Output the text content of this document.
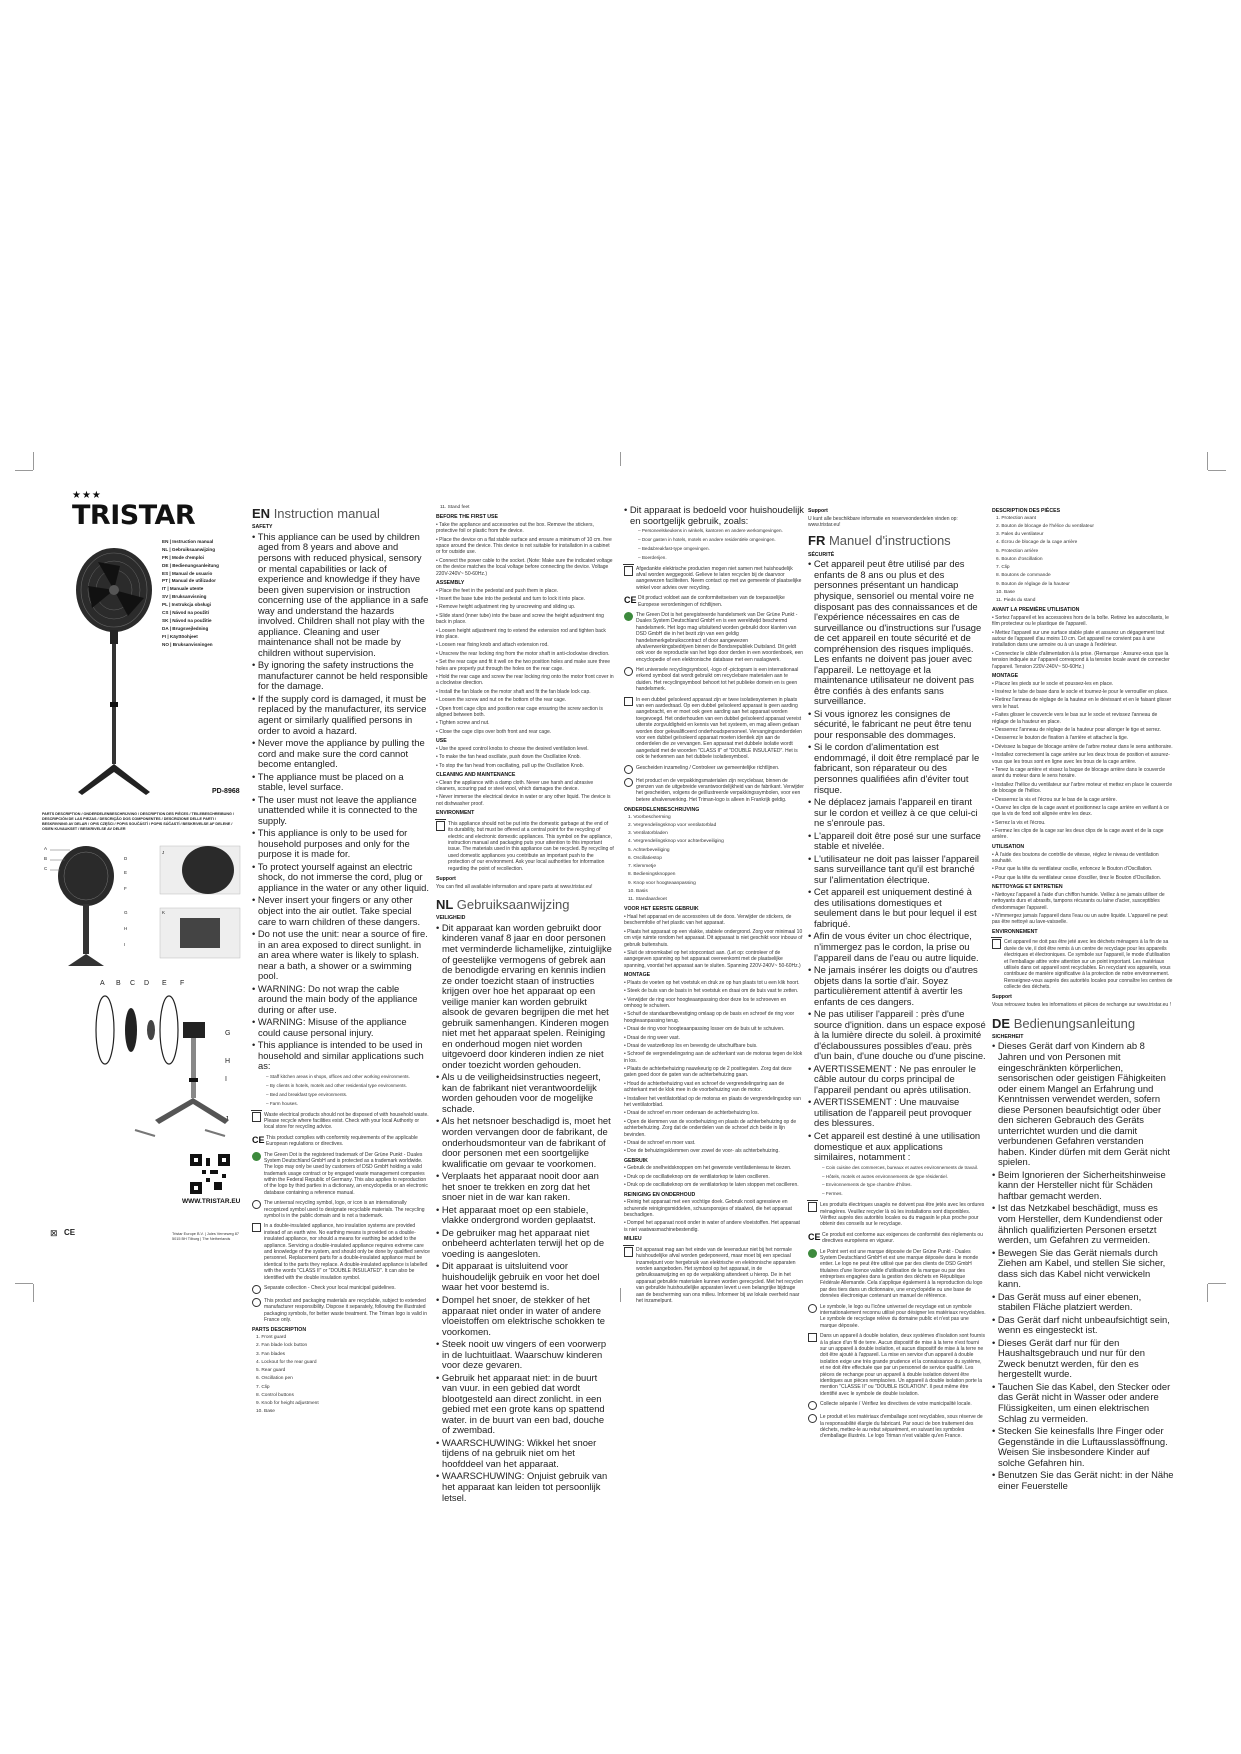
★★★
TRISTAR
EN | Instruction manual
NL | Gebruiksaanwijzing
FR | Mode d'emploi
DE | Bedienungsanleitung
ES | Manual de usuario
PT | Manual de utilizador
IT | Manuale utente
SV | Bruksanvisning
PL | Instrukcja obsługi
CS | Návod na použití
SK | Návod na použitie
DA | Brugsvejledning
FI | Käyttöohjeet
NO | Bruksanvisningen
PD-8968
PARTS DESCRIPTION / ONDERDELENBESCHRIJVING / DESCRIPTION DES PIÈCES / TEILEBESCHREIBUNG / DESCRIPCIÓN DE LAS PIEZAS / DESCRIÇÃO DOS COMPONENTES / DESCRIZIONE DELLE PARTI / BESKRIVNING AV DELAR / OPIS CZĘŚCI / POPIS SOUČÁSTÍ / POPIS SÚČASTÍ / BESKRIVELSE AF DELENE / OSIEN KUVAUKSET / BESKRIVELSE AV DELER
A
B
C
D
E
F
G
H
I
J
K
A B C D E F
G
H
I
WWW.TRISTAR.EU
⊠ CE	Tristar Europe B.V. | Jules Verneweg 87
5015 BH Tilburg | The Netherlands
EN Instruction manual
SAFETY

• This appliance can be used by children aged from 8 years and above and persons with reduced physical, sensory or mental capabilities or lack of experience and knowledge if they have been given supervision or instruction concerning use of the appliance in a safe way and understand the hazards involved. Children shall not play with the appliance. Cleaning and user maintenance shall not be made by children without supervision.

• By ignoring the safety instructions the manufacturer cannot be held responsible for the damage.

• If the supply cord is damaged, it must be replaced by the manufacturer, its service agent or similarly qualified persons in order to avoid a hazard.

• Never move the appliance by pulling the cord and make sure the cord cannot become entangled.

• The appliance must be placed on a stable, level surface.

• The user must not leave the appliance unattended while it is connected to the supply.

• This appliance is only to be used for household purposes and only for the purpose it is made for.

• To protect yourself against an electric shock, do not immerse the cord, plug or appliance in the water or any other liquid.

• Never insert your fingers or any other object into the air outlet. Take special care to warn children of these dangers.

• Do not use the unit: near a source of fire. in an area exposed to direct sunlight. in an area where water is likely to splash. near a bath, a shower or a swimming pool.

• WARNING: Do not wrap the cable around the main body of the appliance during or after use.

• WARNING: Misuse of the appliance could cause personal injury.

• This appliance is intended to be used in household and similar applications such as:

– Staff kitchen areas in shops, offices and other working environments.

– By clients in hotels, motels and other residential type environments.

– Bed and breakfast type environments.

– Farm houses.

Waste electrical products should not be disposed of with household waste. Please recycle where facilities exist. Check with your local Authority or local store for recycling advice.
CE This product complies with conformity requirements of the applicable European regulations or directives.
The Green Dot is the registered trademark of Der Grüne Punkt - Duales System Deutschland GmbH and is protected as a trademark worldwide. The logo may only be used by customers of DSD GmbH holding a valid trademark usage contract or by engaged waste management companies within the Federal Republic of Germany. This also applies to reproduction of the logo by third parties in a dictionary, an encyclopedia or an electronic database containing a reference manual.
The universal recycling symbol, logo, or icon is an internationally recognized symbol used to designate recyclable materials. The recycling symbol is in the public domain and is not a trademark.
In a double-insulated appliance, two insulation systems are provided instead of an earth wire. No earthing means is provided on a double-insulated appliance, nor should a means for earthing be added to the appliance. Servicing a double-insulated appliance requires extreme care and knowledge of the system, and should only be done by qualified service personnel. Replacement parts for a double-insulated appliance must be identical to the parts they replace. A double-insulated appliance is labelled with the words "CLASS II" or "DOUBLE INSULATED". It can also be identified with the double insulation symbol.
Separate collection - Check your local municipal guidelines.
This product and packaging materials are recyclable, subject to extended manufacturer responsibility. Dispose it separately, following the illustrated packaging symbols, for better waste treatment. The Triman logo is valid in France only.
PARTS DESCRIPTION

1. Front guard

2. Fan blade lock button

3. Fan blades

4. Lockout for the rear guard

5. Rear guard

6. Oscillation pen

7. Clip

8. Control buttons

9. Knob for height adjustment

10. Base

11. Stand feet

BEFORE THE FIRST USE

• Take the appliance and accessories out the box. Remove the stickers, protective foil or plastic from the device.

• Place the device on a flat stable surface and ensure a minimum of 10 cm. free space around the device. This device is not suitable for installation in a cabinet or for outside use.

• Connect the power cable to the socket. (Note: Make sure the indicated voltage on the device matches the local voltage before connecting the device. Voltage 220V-240V~ 50-60Hz.)

ASSEMBLY

• Place the feet in the pedestal and push them in place.

• Insert the base tube into the pedestal and turn to lock it into place.

• Remove height adjustment ring by unscrewing and sliding up.

• Slide stand (inner tube) into the base and screw the height adjustment ring back in place.

• Loosen height adjustment ring to extend the extension rod and tighten back into place.

• Loosen rear fixing knob and attach extension rod.

• Unscrew the rear locking ring from the motor shaft in anti-clockwise direction.

• Set the rear cage and fit it well on the two position holes and make sure three holes are properly put through the holes on the rear cage.

• Hold the rear cage and screw the rear locking ring onto the motor front cover in a clockwise direction.

• Install the fan blade on the motor shaft and fit the fan blade lock cap.

• Loosen the screw and nut on the bottom of the rear cage.

• Open front cage clips and position rear cage ensuring the screw section is aligned between both.

• Tighten screw and nut.

• Close the cage clips over both front and rear cage.

USE

• Use the speed control knobs to choose the desired ventilation level.

• To make the fan head oscillate, push down the Oscillation Knob.

• To stop the fan head from oscillating, pull up the Oscillation Knob.

CLEANING AND MAINTENANCE

• Clean the appliance with a damp cloth. Never use harsh and abrasive cleaners, scouring pad or steel wool, which damages the device.

• Never immerse the electrical device in water or any other liquid. The device is not dishwasher proof.

ENVIRONMENT
This appliance should not be put into the domestic garbage at the end of its durability, but must be offered at a central point for the recycling of electric and electronic domestic appliances. This symbol on the appliance, instruction manual and packaging puts your attention to this important issue. The materials used in this appliance can be recycled. By recycling of used domestic appliances you contribute an important push to the protection of our environment. Ask your local authorities for information regarding the point of recollection.
Support

You can find all available information and spare parts at www.tristar.eu!

NL Gebruiksaanwijzing
VEILIGHEID

• Dit apparaat kan worden gebruikt door kinderen vanaf 8 jaar en door personen met verminderde lichamelijke, zintuiglijke of geestelijke vermogens of gebrek aan de benodigde ervaring en kennis indien ze onder toezicht staan of instructies krijgen over hoe het apparaat op een veilige manier kan worden gebruikt alsook de gevaren begrijpen die met het gebruik samenhangen. Kinderen mogen niet met het apparaat spelen. Reiniging en onderhoud mogen niet worden uitgevoerd door kinderen indien ze niet onder toezicht worden gehouden.

• Als u de veiligheidsinstructies negeert, kan de fabrikant niet verantwoordelijk worden gehouden voor de mogelijke schade.

• Als het netsnoer beschadigd is, moet het worden vervangen door de fabrikant, de onderhoudsmonteur van de fabrikant of door personen met een soortgelijke kwalificatie om gevaar te voorkomen.

• Verplaats het apparaat nooit door aan het snoer te trekken en zorg dat het snoer niet in de war kan raken.

• Het apparaat moet op een stabiele, vlakke ondergrond worden geplaatst.

• De gebruiker mag het apparaat niet onbeheerd achterlaten terwijl het op de voeding is aangesloten.

• Dit apparaat is uitsluitend voor huishoudelijk gebruik en voor het doel waar het voor bestemd is.

• Dompel het snoer, de stekker of het apparaat niet onder in water of andere vloeistoffen om elektrische schokken te voorkomen.

• Steek nooit uw vingers of een voorwerp in de luchtuitlaat. Waarschuw kinderen voor deze gevaren.

• Gebruik het apparaat niet: in de buurt van vuur. in een gebied dat wordt blootgesteld aan direct zonlicht. in een gebied met een grote kans op spattend water. in de buurt van een bad, douche of zwembad.

• WAARSCHUWING: Wikkel het snoer tijdens of na gebruik niet om het hoofddeel van het apparaat.

• WAARSCHUWING: Onjuist gebruik van het apparaat kan leiden tot persoonlijk letsel.

• Dit apparaat is bedoeld voor huishoudelijk en soortgelijk gebruik, zoals:

– Personeelskeukens in winkels, kantoren en andere werkomgevingen.

– Door gasten in hotels, motels en andere residentiële omgevingen.

– Bed&breakfast-type omgevingen.

– Boerderijen.

Afgedankte elektrische producten mogen niet samen met huishoudelijk afval worden weggegooid. Gelieve te laten recyclen bij de daarvoor aangewezen faciliteiten. Neem contact op met uw gemeente of plaatselijke winkel voor advies over recycling.
CE Dit product voldoet aan de conformiteitseisen van de toepasselijke Europese verordeningen of richtlijnen.
The Green Dot is het geregistreerde handelsmerk van Der Grüne Punkt - Duales System Deutschland GmbH en is een wereldwijd beschermd handelsmerk. Het logo mag uitsluitend worden gebruikt door klanten van DSD GmbH die in het bezit zijn van een geldig handelsmerkgebruikscontract of door aangewezen afvalverwerkingsbedrijven binnen de Bondsrepubliek Duitsland. Dit geldt ook voor de reproductie van het logo door derden in een woordenboek, een encyclopedie of een elektronische database met een naslagwerk.
Het universele recyclingsymbool, -logo of -pictogram is een internationaal erkend symbool dat wordt gebruikt om recyclebare materialen aan te duiden. Het recyclingsymbool behoort tot het publieke domein en is geen handelsmerk.
In een dubbel geïsoleerd apparaat zijn er twee isolatiesystemen in plaats van een aardedraad. Op een dubbel geïsoleerd apparaat is geen aarding aangebracht, en er moet ook geen aarding aan het apparaat worden toegevoegd. Het onderhouden van een dubbel geïsoleerd apparaat vereist uiterste zorgvuldigheid en kennis van het systeem, en mag alleen gedaan worden door gekwalificeerd onderhoudspersoneel. Vervangingsonderdelen voor een dubbel geïsoleerd apparaat moeten identiek zijn aan de onderdelen die ze vervangen. Een apparaat met dubbele isolatie wordt aangeduid met de woorden "CLASS II" of "DOUBLE INSULATED". Het is ook te herkennen aan het dubbele isolatiesymbool.
Gescheiden inzameling / Controleer uw gemeentelijke richtlijnen.
Het product en de verpakkingsmaterialen zijn recyclebaar, binnen de grenzen van de uitgebreide verantwoordelijkheid van de fabrikant. Verwijder het gescheiden, volgens de geïllustreerde verpakkingssymbolen, voor een betere afvalverwerking. Het Triman-logo is alleen in Frankrijk geldig.
ONDERDELENBESCHRIJVING

1. Voorbescherming

2. Vergrendelingsknop voor ventilatorblad

3. Ventilatorbladen

4. Vergrendelingsknop voor achterbeveiliging

5. Achterbeveiliging

6. Oscillatiestop

7. Klemmetje

8. Bedieningsknoppen

9. Knop voor hoogteaanpassing

10. Basis

11. Standaardvoet

VOOR HET EERSTE GEBRUIK

• Haal het apparaat en de accessoires uit de doos. Verwijder de stickers, de beschermfolie of het plastic van het apparaat.

• Plaats het apparaat op een vlakke, stabiele ondergrond. Zorg voor minimaal 10 cm vrije ruimte rondom het apparaat. Dit apparaat is niet geschikt voor inbouw of gebruik buitenshuis.

• Sluit de stroomkabel op het stopcontact aan. (Let op: controleer of de aangegeven spanning op het apparaat overeenkomt met de plaatselijke spanning, voordat het apparaat aan te sluiten. Spanning 220V-240V~ 50-60Hz.)

MONTAGE

• Plaats de voeten op het voetstuk en druk ze op hun plaats tot u een klik hoort.

• Steek de buis van de basis in het voetstuk en draai om de buis vast te zetten.

• Verwijder de ring voor hoogteaanpassing door deze los te schroeven en omhoog te schuiven.

• Schuif de standaardbevestiging omlaag op de basis en schroef de ring voor hoogteaanpassing terug.

• Draai de ring voor hoogteaanpassing losser om de buis uit te schuiven.

• Draai de ring weer vast.

• Draai de vastzetknop los en bevestig de uitschuifbare buis.

• Schroef de vergrendelingsring aan de achterkant van de motoras tegen de klok in los.

• Plaats de achterbehuizing nauwkeurig op de 2 positiegaten. Zorg dat deze gaten goed door de gaten van de achterbehuizing gaan.

• Houd de achterbehuizing vast en schroef de vergrendelingsring aan de achterkant met de klok mee in de voorbehuizing van de motor.

• Installeer het ventilatorblad op de motoras en plaats de vergrendelingsdop van het ventilatorblad.

• Draai de schroef en moer onderaan de achterbehuizing los.

• Open de klemmen van de voorbehuizing en plaats de achterbehuizing op de achterbehuizing. Zorg dat de onderdelen van de schroef zich beide in lijn bevinden.

• Draai de schroef en moer vast.

• Doe de behuizingsklemmen over zowel de voor- als achterbehuizing.

GEBRUIK

• Gebruik de snelheidsknoppen om het gewenste ventilatieniveau te kiezen.

• Druk op de oscillatieknop om de ventilatorkop te laten oscilleren.

• Druk op de oscillatieknop om de ventilatorkop te laten stoppen met oscilleren.

REINIGING EN ONDERHOUD

• Reinig het apparaat met een vochtige doek. Gebruik nooit agressieve en schurende reinigingsmiddelen, schuursponsjes of staalwol, die het apparaat beschadigen.

• Dompel het apparaat nooit onder in water of andere vloeistoffen. Het apparaat is niet vaatwasmachinebestendig.

MILIEU
Dit apparaat mag aan het einde van de levensduur niet bij het normale huishoudelijke afval worden gedeponeerd, maar moet bij een speciaal inzamelpunt voor hergebruik van elektrische en elektronische apparaten worden aangeboden. Het symbool op het apparaat, in de gebruiksaanwijzing en op de verpakking attendeert u hierop. De in het apparaat gebruikte materialen kunnen worden gerecycled. Met het recyclen van gebruikte huishoudelijke apparaten levert u een belangrijke bijdrage aan de bescherming van ons milieu. Informeer bij uw lokale overheid naar het inzamelpunt.
Support

U kunt alle beschikbare informatie en reserveonderdelen vinden op: www.tristar.eu!

FR Manuel d'instructions
SÉCURITÉ

• Cet appareil peut être utilisé par des enfants de 8 ans ou plus et des personnes présentant un handicap physique, sensoriel ou mental voire ne disposant pas des connaissances et de l'expérience nécessaires en cas de surveillance ou d'instructions sur l'usage de cet appareil en toute sécurité et de compréhension des risques impliqués. Les enfants ne doivent pas jouer avec l'appareil. Le nettoyage et la maintenance utilisateur ne doivent pas être confiés à des enfants sans surveillance.

• Si vous ignorez les consignes de sécurité, le fabricant ne peut être tenu pour responsable des dommages.

• Si le cordon d'alimentation est endommagé, il doit être remplacé par le fabricant, son réparateur ou des personnes qualifiées afin d'éviter tout risque.

• Ne déplacez jamais l'appareil en tirant sur le cordon et veillez à ce que celui-ci ne s'enroule pas.

• L'appareil doit être posé sur une surface stable et nivelée.

• L'utilisateur ne doit pas laisser l'appareil sans surveillance tant qu'il est branché sur l'alimentation électrique.

• Cet appareil est uniquement destiné à des utilisations domestiques et seulement dans le but pour lequel il est fabriqué.

• Afin de vous éviter un choc électrique, n'immergez pas le cordon, la prise ou l'appareil dans de l'eau ou autre liquide.

• Ne jamais insérer les doigts ou d'autres objets dans la sortie d'air. Soyez particulièrement attentif à avertir les enfants de ces dangers.

• Ne pas utiliser l'appareil : près d'une source d'ignition. dans un espace exposé à la lumière directe du soleil. à proximité d'éclaboussures possibles d'eau. près d'un bain, d'une douche ou d'une piscine.

• AVERTISSEMENT : Ne pas enrouler le câble autour du corps principal de l'appareil pendant ou après utilisation.

• AVERTISSEMENT : Une mauvaise utilisation de l'appareil peut provoquer des blessures.

• Cet appareil est destiné à une utilisation domestique et aux applications similaires, notamment :

– Coin cuisine des commerces, bureaux et autres environnements de travail.

– Hôtels, motels et autres environnements de type résidentiel.

– Environnements de type chambre d'hôtes.

– Fermes.

Les produits électriques usagés ne doivent pas être jetés avec les ordures ménagères. Veuillez recycler là où les installations sont disponibles. Vérifiez auprès des autorités locales ou du magasin le plus proche pour obtenir des conseils sur le recyclage.
CE Ce produit est conforme aux exigences de conformité des règlements ou directives européens en vigueur.
Le Point vert est une marque déposée de Der Grüne Punkt - Duales System Deutschland GmbH et est une marque déposée dans le monde entier. Le logo ne peut être utilisé que par des clients de DSD GmbH titulaires d'une licence valide d'utilisation de la marque ou par des entreprises engagées dans la gestion des déchets en République Fédérale Allemande. Cela s'applique également à la reproduction du logo par des tiers dans un dictionnaire, une encyclopédie ou une base de données électronique contenant un manuel de référence.
Le symbole, le logo ou l'icône universel de recyclage est un symbole internationalement reconnu utilisé pour désigner les matériaux recyclables. Le symbole de recyclage relève du domaine public et n'est pas une marque déposée.
Dans un appareil à double isolation, deux systèmes d'isolation sont fournis à la place d'un fil de terre. Aucun dispositif de mise à la terre n'est fourni sur un appareil à double isolation, et aucun dispositif de mise à la terre ne doit être ajouté à l'appareil. La mise en service d'un appareil à double isolation exige une très grande prudence et la connaissance du système, et ne doit être effectuée que par un personnel de service qualifié. Les pièces de rechange pour un appareil à double isolation doivent être identiques aux pièces remplacées. Un appareil à double isolation porte la mention "CLASSE II" ou "DOUBLE ISOLATION". Il peut même être identifié avec le symbole de double isolation.
Collecte séparée / Vérifiez les directives de votre municipalité locale.
Le produit et les matériaux d'emballage sont recyclables, sous réserve de la responsabilité élargie du fabricant. Par souci de bon traitement des déchets, mettez-le au rebut séparément, en suivant les symboles d'emballage illustrés. Le logo Triman n'est valable qu'en France.
DESCRIPTION DES PIÈCES

1. Protection avant

2. Bouton de blocage de l'hélice du ventilateur

3. Pales du ventilateur

4. Écrou de blocage de la cage arrière

5. Protection arrière

6. Bouton d'oscillation

7. Clip

8. Boutons de commande

9. Bouton de réglage de la hauteur

10. Base

11. Pieds du stand

AVANT LA PREMIÈRE UTILISATION

• Sortez l'appareil et les accessoires hors de la boîte. Retirez les autocollants, le film protecteur ou le plastique de l'appareil.

• Mettez l'appareil sur une surface stable plate et assurez un dégagement tout autour de l'appareil d'au moins 10 cm. Cet appareil ne convient pas à une installation dans une armoire ou à un usage à l'extérieur.

• Connectez le câble d'alimentation à la prise. (Remarque : Assurez-vous que la tension indiquée sur l'appareil correspond à la tension locale avant de connecter l'appareil. Tension 220V-240V~ 50-60Hz.)

MONTAGE

• Placez les pieds sur le socle et poussez-les en place.

• Insérez le tube de base dans le socle et tournez-le pour le verrouiller en place.

• Retirez l'anneau de réglage de la hauteur en le dévissant et en le faisant glisser vers le haut.

• Faites glisser le couvercle vers le bas sur le socle et revissez l'anneau de réglage de la hauteur en place.

• Desserrez l'anneau de réglage de la hauteur pour allonger le tige et serrez.

• Desserrez le bouton de fixation à l'arrière et attachez la tige.

• Dévissez la bague de blocage arrière de l'arbre moteur dans le sens antihoraire.

• Installez correctement la cage arrière sur les deux trous de position et assurez-vous que les trous sont en ligne avec les trous de la cage arrière.

• Tenez la cage arrière et vissez la bague de blocage arrière dans le couvercle avant du moteur dans le sens horaire.

• Installez l'hélice du ventilateur sur l'arbre moteur et mettez en place le couvercle de blocage de l'hélice.

• Desserrez la vis et l'écrou sur le bas de la cage arrière.

• Ouvrez les clips de la cage avant et positionnez la cage arrière en veillant à ce que la vis de fond soit alignée entre les deux.

• Serrez la vis et l'écrou.

• Fermez les clips de la cage sur les deux clips de la cage avant et de la cage arrière.

UTILISATION

• À l'aide des boutons de contrôle de vitesse, réglez le niveau de ventilation souhaité.

• Pour que la tête du ventilateur oscille, enfoncez le Bouton d'Oscillation.

• Pour que la tête du ventilateur cesse d'osciller, tirez le Bouton d'Oscillation.

NETTOYAGE ET ENTRETIEN

• Nettoyez l'appareil à l'aide d'un chiffon humide. Veillez à ne jamais utiliser de nettoyants durs et abrasifs, tampons récurants ou laine d'acier, susceptibles d'endommager l'appareil.

• N'immergez jamais l'appareil dans l'eau ou un autre liquide. L'appareil ne peut pas être nettoyé au lave-vaisselle.

ENVIRONNEMENT
Cet appareil ne doit pas être jeté avec les déchets ménagers à la fin de sa durée de vie, il doit être remis à un centre de recyclage pour les appareils électriques et électroniques. Ce symbole sur l'appareil, le mode d'utilisation et l'emballage attire votre attention sur un point important. Les matériaux utilisés dans cet appareil sont recyclables. En recyclant vos appareils, vous contribuez de manière significative à la protection de notre environnement. Renseignez-vous auprès des autorités locales pour connaître les centres de collecte des déchets.
Support

Vous retrouvez toutes les informations et pièces de rechange sur www.tristar.eu !

DE Bedienungsanleitung
SICHERHEIT

• Dieses Gerät darf von Kindern ab 8 Jahren und von Personen mit eingeschränkten körperlichen, sensorischen oder geistigen Fähigkeiten oder einem Mangel an Erfahrung und Kenntnissen verwendet werden, sofern diese Personen beaufsichtigt oder über den sicheren Gebrauch des Geräts unterrichtet wurden und die damit verbundenen Gefahren verstanden haben. Kinder dürfen mit dem Gerät nicht spielen.

• Beim Ignorieren der Sicherheitshinweise kann der Hersteller nicht für Schäden haftbar gemacht werden.

• Ist das Netzkabel beschädigt, muss es vom Hersteller, dem Kundendienst oder ähnlich qualifizierten Personen ersetzt werden, um Gefahren zu vermeiden.

• Bewegen Sie das Gerät niemals durch Ziehen am Kabel, und stellen Sie sicher, dass sich das Kabel nicht verwickeln kann.

• Das Gerät muss auf einer ebenen, stabilen Fläche platziert werden.

• Das Gerät darf nicht unbeaufsichtigt sein, wenn es eingesteckt ist.

• Dieses Gerät darf nur für den Haushaltsgebrauch und nur für den Zweck benutzt werden, für den es hergestellt wurde.

• Tauchen Sie das Kabel, den Stecker oder das Gerät nicht in Wasser oder andere Flüssigkeiten, um einen elektrischen Schlag zu vermeiden.

• Stecken Sie keinesfalls Ihre Finger oder Gegenstände in die Luftausslassöffnung. Weisen Sie insbesondere Kinder auf solche Gefahren hin.

• Benutzen Sie das Gerät nicht: in der Nähe einer Feuerstelle
